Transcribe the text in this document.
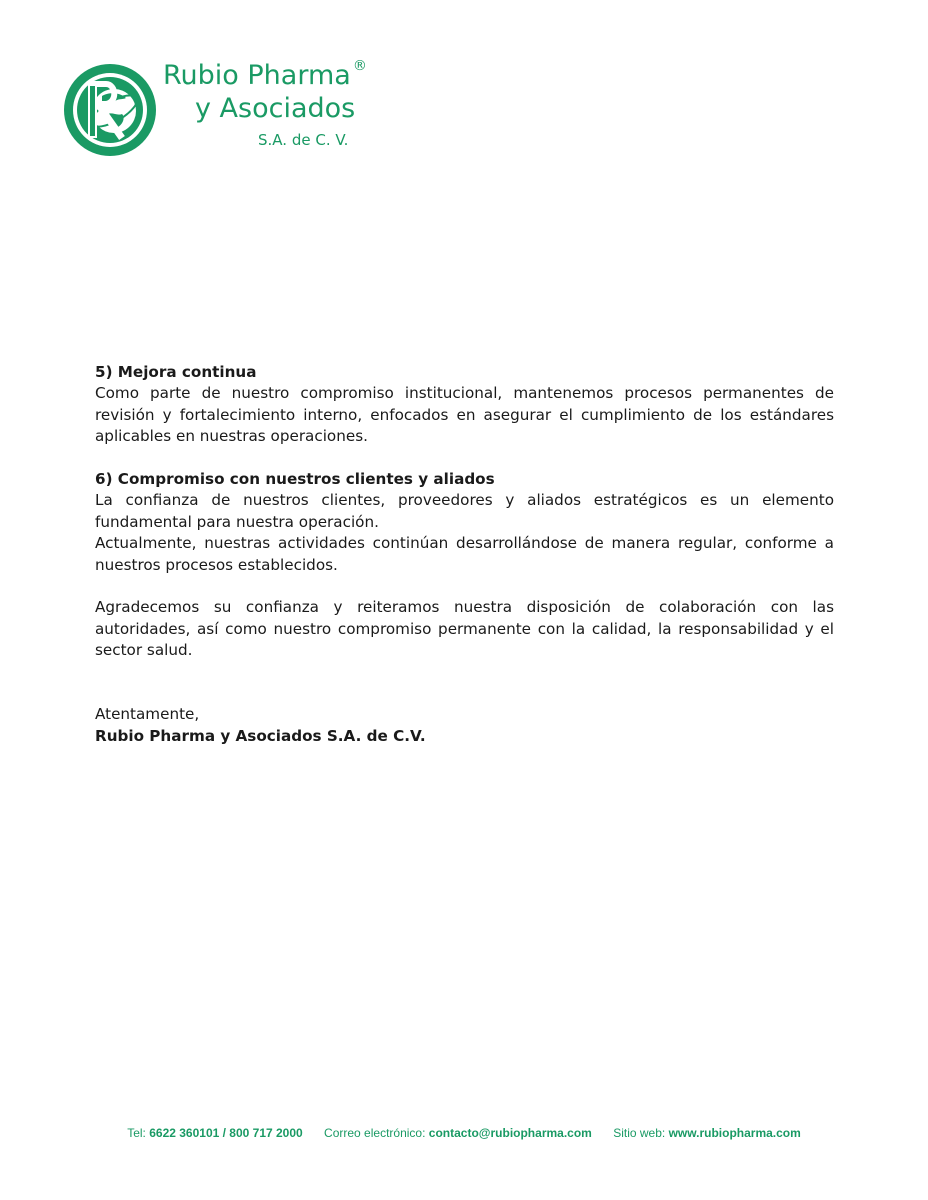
Rubio Pharma ®
y Asociados
S.A. de C. V.

5) Mejora continua

Como parte de nuestro compromiso institucional, mantenemos procesos permanentes de revisión y fortalecimiento interno, enfocados en asegurar el cumplimiento de los estándares aplicables en nuestras operaciones.

6) Compromiso con nuestros clientes y aliados

La confianza de nuestros clientes, proveedores y aliados estratégicos es un elemento fundamental para nuestra operación.

Actualmente, nuestras actividades continúan desarrollándose de manera regular, conforme a nuestros procesos establecidos.

Agradecemos su confianza y reiteramos nuestra disposición de colaboración con las autoridades, así como nuestro compromiso permanente con la calidad, la responsabilidad y el sector salud.

Atentamente,

Rubio Pharma y Asociados S.A. de C.V.

Tel: 6622 360101 / 800 717 2000 Correo electrónico: contacto@rubiopharma.com Sitio web: www.rubiopharma.com
